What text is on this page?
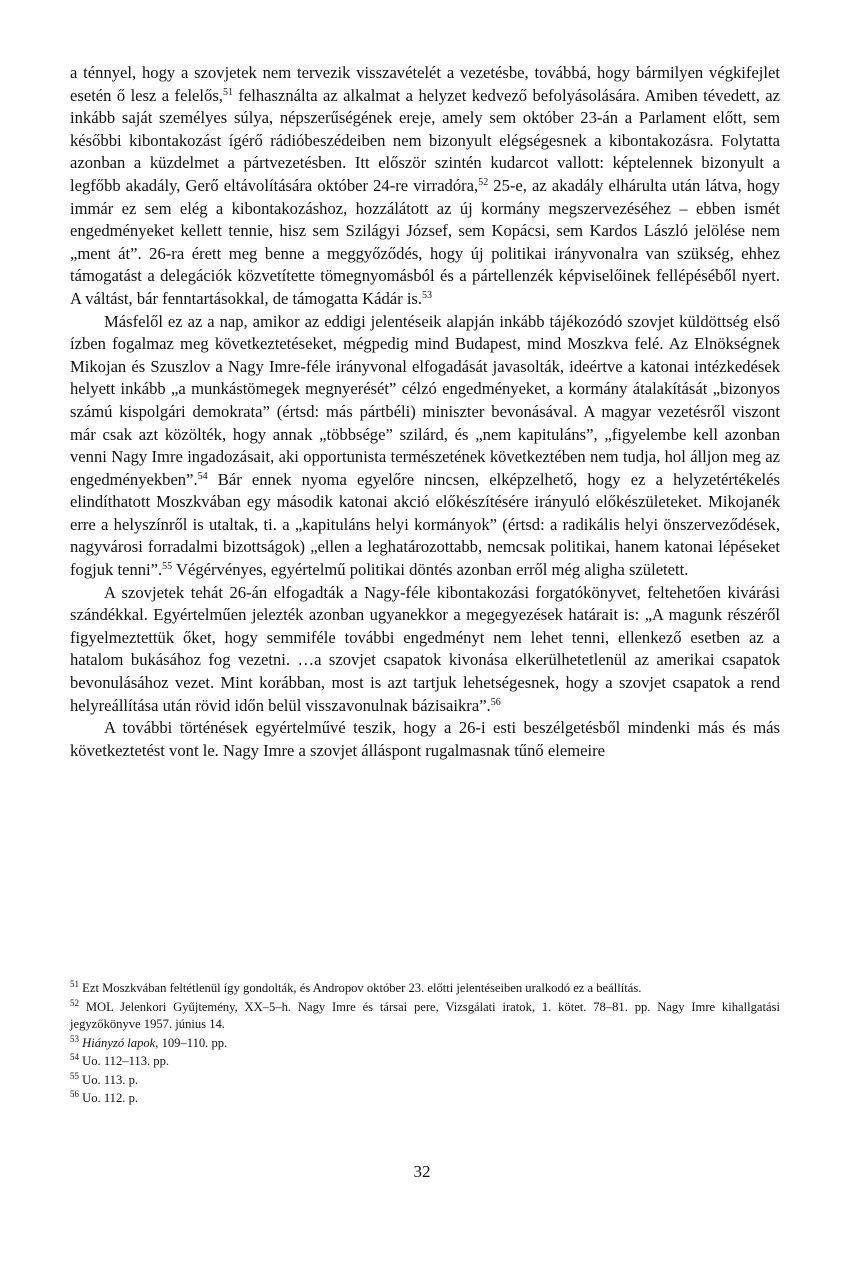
a ténnyel, hogy a szovjetek nem tervezik visszavételét a vezetésbe, továbbá, hogy bármilyen végkifejlet esetén ő lesz a felelős,$^{51}$ felhasználta az alkalmat a helyzet kedvező befolyásolására. Amiben tévedett, az inkább saját személyes súlya, népszerűségének ereje, amely sem október 23-án a Parlament előtt, sem későbbi kibontakozást ígérő rádióbeszédeiben nem bizonyult elégségesnek a kibontakozásra. Folytatta azonban a küzdelmet a pártvezetésben. Itt először szintén kudarcot vallott: képtelennek bizonyult a legfőbb akadály, Gerő eltávolítására október 24-re virradóra,$^{52}$ 25-e, az akadály elhárulta után látva, hogy immár ez sem elég a kibontakozáshoz, hozzálátott az új kormány megszervezéséhez – ebben ismét engedményeket kellett tennie, hisz sem Szilágyi József, sem Kopácsi, sem Kardos László jelölése nem „ment át”. 26-ra érett meg benne a meggyőződés, hogy új politikai irányvonalra van szükség, ehhez támogatást a delegációk közvetítette tömegnyomásból és a pártellenzék képviselőinek fellépéséből nyert. A váltást, bár fenntartásokkal, de támogatta Kádár is.$^{53}$

Másfelől ez az a nap, amikor az eddigi jelentéseik alapján inkább tájékozódó szovjet küldöttség első ízben fogalmaz meg következtetéseket, mégpedig mind Budapest, mind Moszkva felé. Az Elnökségnek Mikojan és Szuszlov a Nagy Imre-féle irányvonal elfogadását javasolták, ideértve a katonai intézkedések helyett inkább „a munkástömegek megnyerését” célzó engedményeket, a kormány átalakítását „bizonyos számú kispolgári demokrata” (értsd: más pártbéli) miniszter bevonásával. A magyar vezetésről viszont már csak azt közölték, hogy annak „többsége” szilárd, és „nem kapituláns”, „figyelembe kell azonban venni Nagy Imre ingadozásait, aki opportunista természetének következtében nem tudja, hol álljon meg az engedményekben”.$^{54}$ Bár ennek nyoma egyelőre nincsen, elképzelhető, hogy ez a helyzetértékelés elindíthatott Moszkvában egy második katonai akció előkészítésére irányuló előkészületeket. Mikojanék erre a helyszínről is utaltak, ti. a „kapituláns helyi kormányok” (értsd: a radikális helyi önszerveződések, nagyvárosi forradalmi bizottságok) „ellen a leghatározottabb, nemcsak politikai, hanem katonai lépéseket fogjuk tenni”.$^{55}$ Végérvényes, egyértelmű politikai döntés azonban erről még aligha született.

A szovjetek tehát 26-án elfogadták a Nagy-féle kibontakozási forgatókönyvet, feltehetően kivárási szándékkal. Egyértelműen jelezték azonban ugyanekkor a megegyezések határait is: „A magunk részéről figyelmeztettük őket, hogy semmiféle további engedményt nem lehet tenni, ellenkező esetben az a hatalom bukásához fog vezetni. …a szovjet csapatok kivonása elkerülhetetlenül az amerikai csapatok bevonulásához vezet. Mint korábban, most is azt tartjuk lehetségesnek, hogy a szovjet csapatok a rend helyreállítása után rövid időn belül visszavonulnak bázisaikra”.$^{56}$

A további történések egyértelművé teszik, hogy a 26-i esti beszélgetésből mindenki más és más következtetést vont le. Nagy Imre a szovjet álláspont rugalmasnak tűnő elemeire

$^{51}$ Ezt Moszkvában feltétlenül így gondolták, és Andropov október 23. előtti jelentéseiben uralkodó ez a beállítás.

$^{52}$ MOL Jelenkori Gyűjtemény, XX–5–h. Nagy Imre és társai pere, Vizsgálati iratok, 1. kötet. 78–81. pp. Nagy Imre kihallgatási jegyzőkönyve 1957. június 14.

$^{53}$ Hiányzó lapok, 109–110. pp.

$^{54}$ Uo. 112–113. pp.

$^{55}$ Uo. 113. p.

$^{56}$ Uo. 112. p.

32
